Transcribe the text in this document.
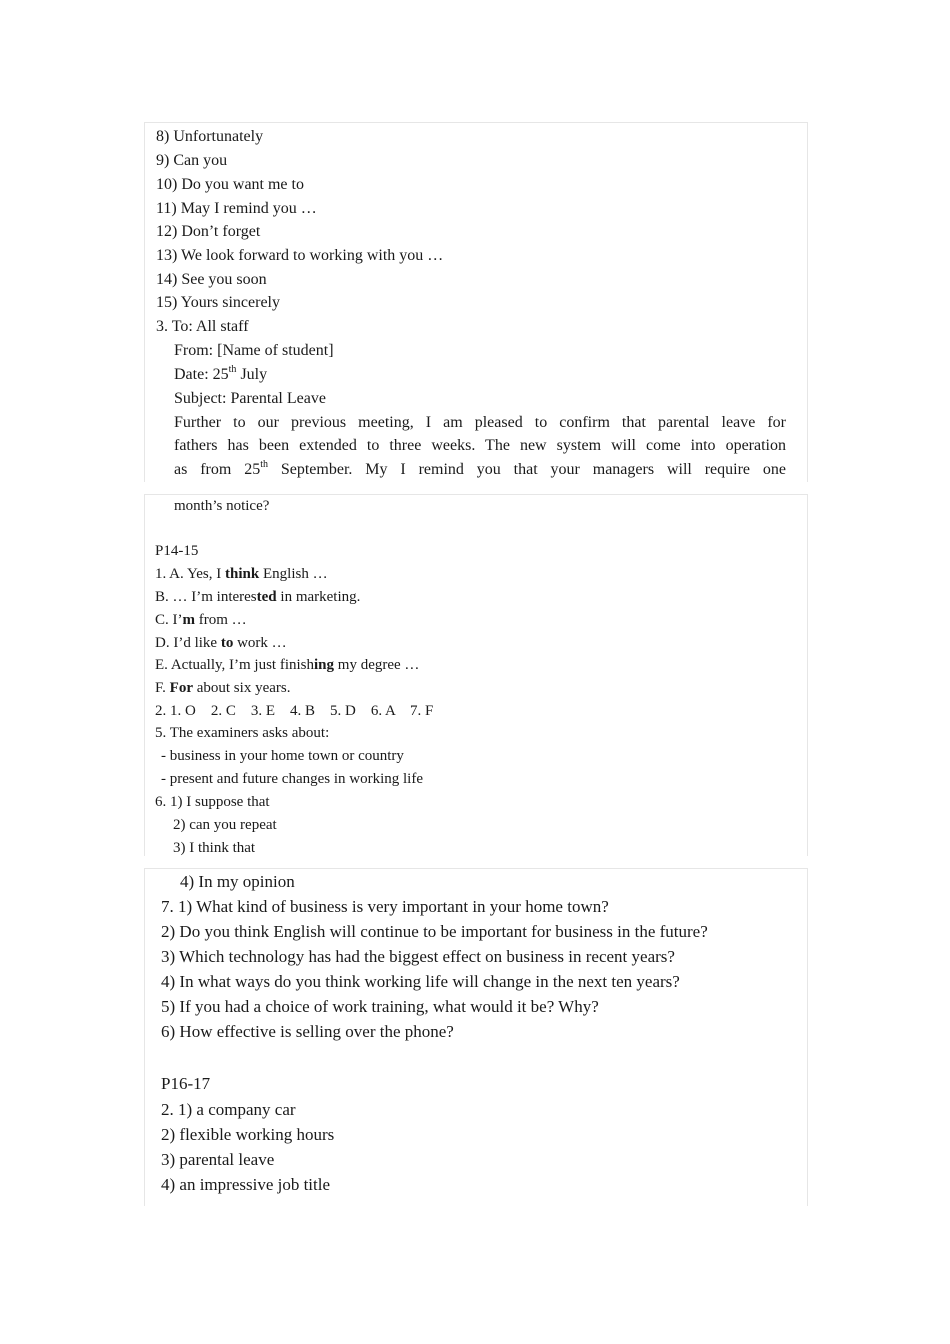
8) Unfortunately
9) Can you
10) Do you want me to
11) May I remind you …
12) Don’t forget
13) We look forward to working with you …
14) See you soon
15) Yours sincerely
3. To: All staff
From: [Name of student]
Date: 25th July
Subject: Parental Leave
Further to our previous meeting, I am pleased to confirm that parental leave for
fathers has been extended to three weeks. The new system will come into operation
as from 25th September. My I remind you that your managers will require one
month’s notice?
P14-15
1. A. Yes, I think English …
B. … I’m interested in marketing.
C. I’m from …
D. I’d like to work …
E. Actually, I’m just finishing my degree …
F. For about six years.
2. 1. O    2. C    3. E    4. B    5. D    6. A    7. F
5. The examiners asks about:
- business in your home town or country
- present and future changes in working life
6. 1) I suppose that
2) can you repeat
3) I think that
4) In my opinion
7. 1) What kind of business is very important in your home town?
2) Do you think English will continue to be important for business in the future?
3) Which technology has had the biggest effect on business in recent years?
4) In what ways do you think working life will change in the next ten years?
5) If you had a choice of work training, what would it be? Why?
6) How effective is selling over the phone?
P16-17
2. 1) a company car
2) flexible working hours
3) parental leave
4) an impressive job title
